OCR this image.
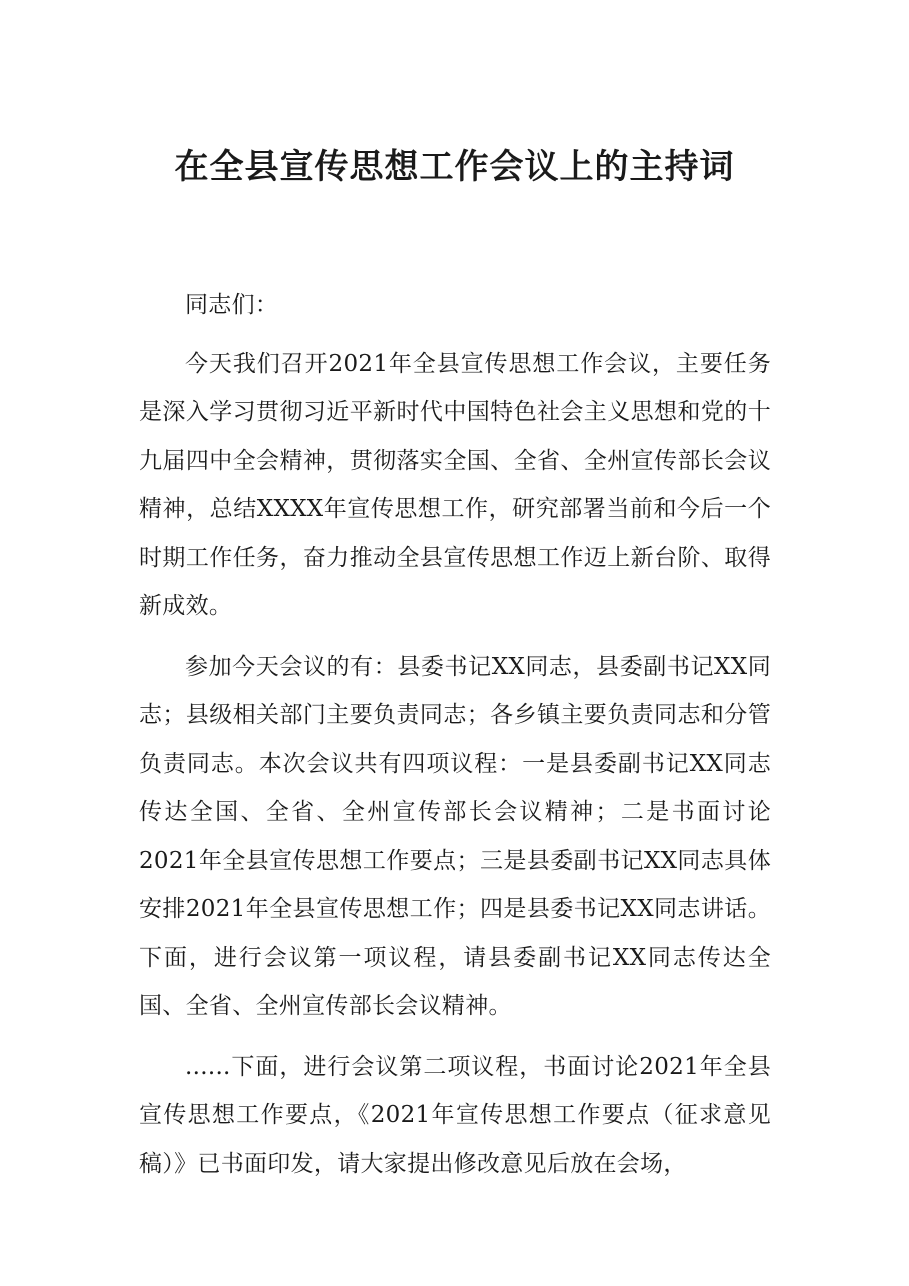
在全县宣传思想工作会议上的主持词

同志们：

今天我们召开2021年全县宣传思想工作会议，主要任务是深入学习贯彻习近平新时代中国特色社会主义思想和党的十九届四中全会精神，贯彻落实全国、全省、全州宣传部长会议精神，总结XXXX年宣传思想工作，研究部署当前和今后一个时期工作任务，奋力推动全县宣传思想工作迈上新台阶、取得新成效。

参加今天会议的有：县委书记XX同志，县委副书记XX同志；县级相关部门主要负责同志；各乡镇主要负责同志和分管负责同志。本次会议共有四项议程：一是县委副书记XX同志传达全国、全省、全州宣传部长会议精神；二是书面讨论2021年全县宣传思想工作要点；三是县委副书记XX同志具体安排2021年全县宣传思想工作；四是县委书记XX同志讲话。下面，进行会议第一项议程，请县委副书记XX同志传达全国、全省、全州宣传部长会议精神。

......下面，进行会议第二项议程，书面讨论2021年全县宣传思想工作要点，《2021年宣传思想工作要点（征求意见稿）》已书面印发，请大家提出修改意见后放在会场，
